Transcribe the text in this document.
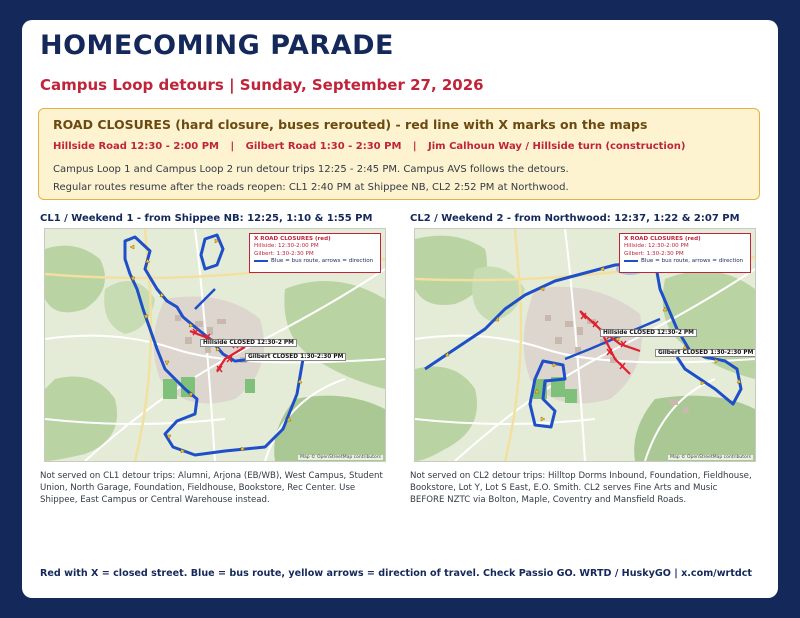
HOMECOMING PARADE
Campus Loop detours | Sunday, September 27, 2026

ROAD CLOSURES (hard closure, buses rerouted) - red line with X marks on the maps

Hillside Road 12:30 - 2:00 PM | Gilbert Road 1:30 - 2:30 PM | Jim Calhoun Way / Hillside turn (construction)

Campus Loop 1 and Campus Loop 2 run detour trips 12:25 - 2:45 PM. Campus AVS follows the detours.

Regular routes resume after the roads reopen: CL1 2:40 PM at Shippee NB, CL2 2:52 PM at Northwood.

CL1 / Weekend 1 - from Shippee NB: 12:25, 1:10 & 1:55 PM

X ROAD CLOSURES (red)
Hillside: 12:30-2:00 PM
Gilbert: 1:30-2:30 PM
Blue = bus route, arrows = direction
Hillside CLOSED 12:30-2 PM
Gilbert CLOSED 1:30-2:30 PM
Map © OpenStreetMap contributors

Not served on CL1 detour trips: Alumni, Arjona (EB/WB), West Campus, Student Union, North Garage, Foundation, Fieldhouse, Bookstore, Rec Center. Use Shippee, East Campus or Central Warehouse instead.

CL2 / Weekend 2 - from Northwood: 12:37, 1:22 & 2:07 PM

X ROAD CLOSURES (red)
Hillside: 12:30-2:00 PM
Gilbert: 1:30-2:30 PM
Blue = bus route, arrows = direction
Hillside CLOSED 12:30-2 PM
Gilbert CLOSED 1:30-2:30 PM
Map © OpenStreetMap contributors

Not served on CL2 detour trips: Hilltop Dorms Inbound, Foundation, Fieldhouse, Bookstore, Lot Y, Lot S East, E.O. Smith. CL2 serves Fine Arts and Music BEFORE NZTC via Bolton, Maple, Coventry and Mansfield Roads.

Red with X = closed street. Blue = bus route, yellow arrows = direction of travel. Check Passio GO. WRTD / HuskyGO | x.com/wrtdct
